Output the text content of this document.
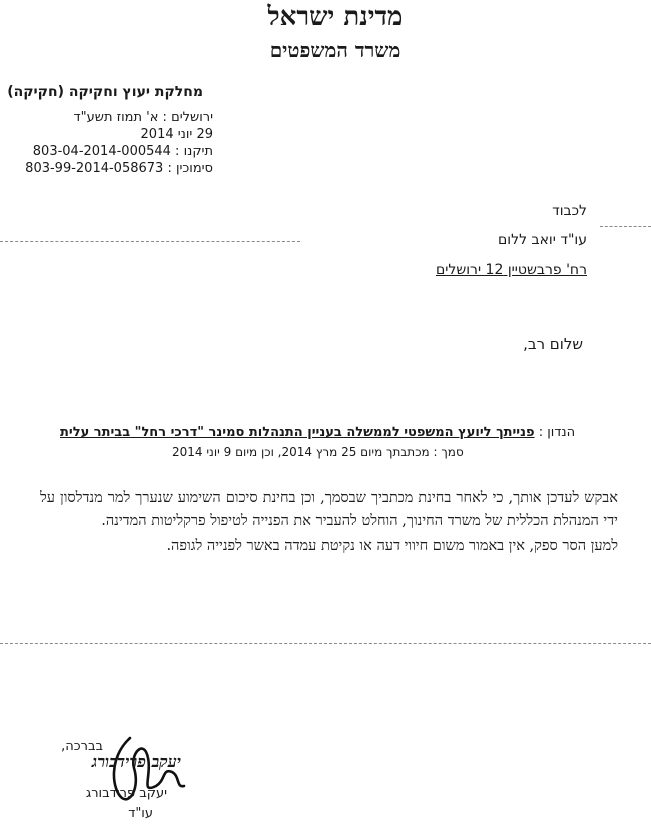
מדינת ישראל
משרד המשפטים
מחלקת יעוץ וחקיקה (חקיקה)
ירושלים : א' תמוז תשע"ד
29 יוני 2014
תיקנו : 803-04-2014-000544
סימוכין : 803-99-2014-058673
לכבוד
עו"ד יואב ללום
רח' פרבשטיין 12 ירושלים
שלום רב,
הנדון : פנייתך ליועץ המשפטי לממשלה בעניין התנהלות סמינר "דרכי רחל" בביתר עלית
סמך : מכתבתך מיום 25 מרץ 2014, וכן מיום 9 יוני 2014

אבקש לעדכן אותך, כי לאחר בחינת מכתביך שבסמך, וכן בחינת סיכום השימוע שנערך למר מנדלסון על ידי המנהלת הכללית של משרד החינוך, הוחלט להעביר את הפנייה לטיפול פרקליטות המדינה.

למען הסר ספק, אין באמור משום חיווי דעה או נקיטת עמדה באשר לפנייה לגופה.

בברכה,
יעקב פרידבורג
יעקב פרידבורג
עו"ד
